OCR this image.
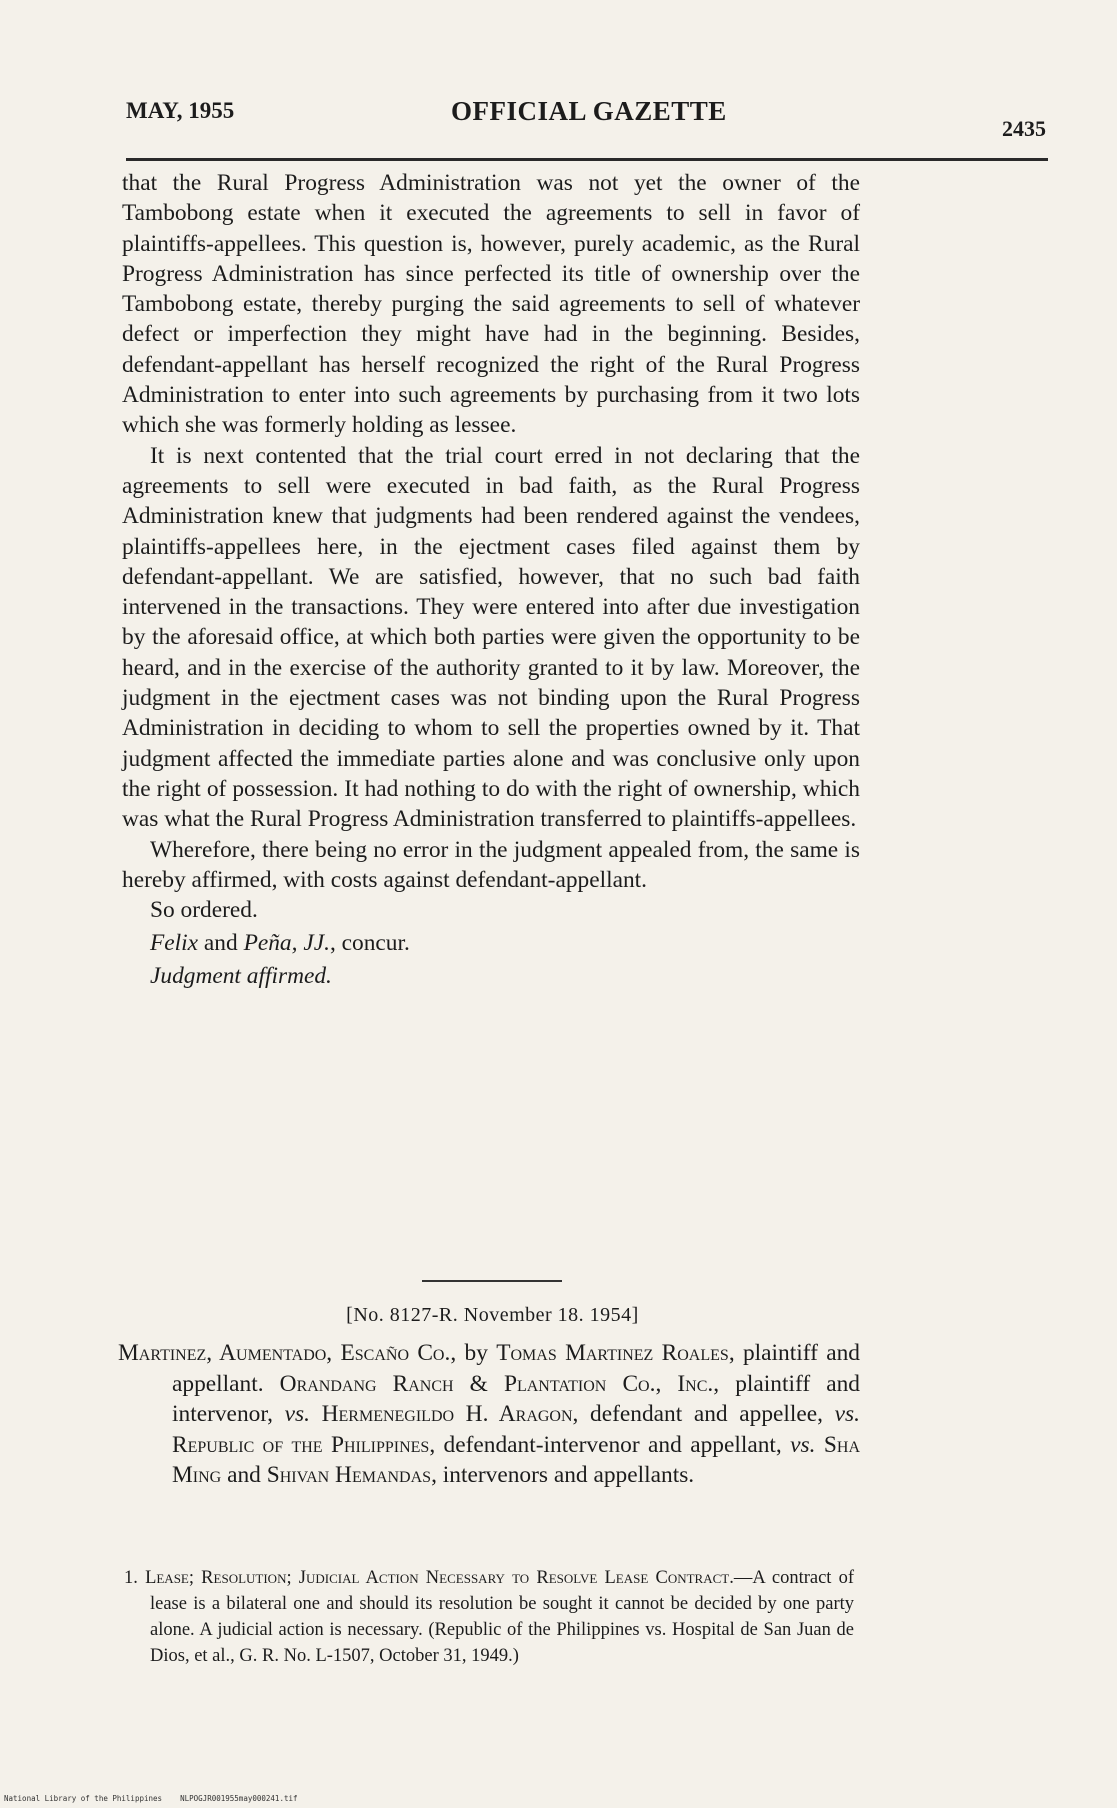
MAY, 1955	OFFICIAL GAZETTE
2435

that the Rural Progress Administration was not yet the owner of the Tambobong estate when it executed the agreements to sell in favor of plaintiffs-appellees. This question is, however, purely academic, as the Rural Progress Administration has since perfected its title of ownership over the Tambobong estate, thereby purging the said agreements to sell of whatever defect or imperfection they might have had in the beginning. Besides, defendant-appellant has herself recognized the right of the Rural Progress Administration to enter into such agreements by purchasing from it two lots which she was formerly holding as lessee.

It is next contented that the trial court erred in not declaring that the agreements to sell were executed in bad faith, as the Rural Progress Administration knew that judgments had been rendered against the vendees, plaintiffs-appellees here, in the ejectment cases filed against them by defendant-appellant. We are satisfied, however, that no such bad faith intervened in the transactions. They were entered into after due investigation by the aforesaid office, at which both parties were given the opportunity to be heard, and in the exercise of the authority granted to it by law. Moreover, the judgment in the ejectment cases was not binding upon the Rural Progress Administration in deciding to whom to sell the properties owned by it. That judgment affected the immediate parties alone and was conclusive only upon the right of possession. It had nothing to do with the right of ownership, which was what the Rural Progress Administration transferred to plaintiffs-appellees.

Wherefore, there being no error in the judgment appealed from, the same is hereby affirmed, with costs against defendant-appellant.

So ordered.

Felix and Peña, JJ., concur.

Judgment affirmed.

[No. 8127-R. November 18. 1954]
Martinez, Aumentado, Escaño Co., by Tomas Martinez Roales, plaintiff and appellant. Orandang Ranch & Plantation Co., Inc., plaintiff and intervenor, vs. Hermenegildo H. Aragon, defendant and appellee, vs. Republic of the Philippines, defendant-intervenor and appellant, vs. Sha Ming and Shivan Hemandas, intervenors and appellants.
1. Lease; Resolution; Judicial Action Necessary to Resolve Lease Contract.—A contract of lease is a bilateral one and should its resolution be sought it cannot be decided by one party alone. A judicial action is necessary. (Republic of the Philippines vs. Hospital de San Juan de Dios, et al., G. R. No. L-1507, October 31, 1949.)
National Library of the Philippines    NLPOGJR001955may000241.tif
